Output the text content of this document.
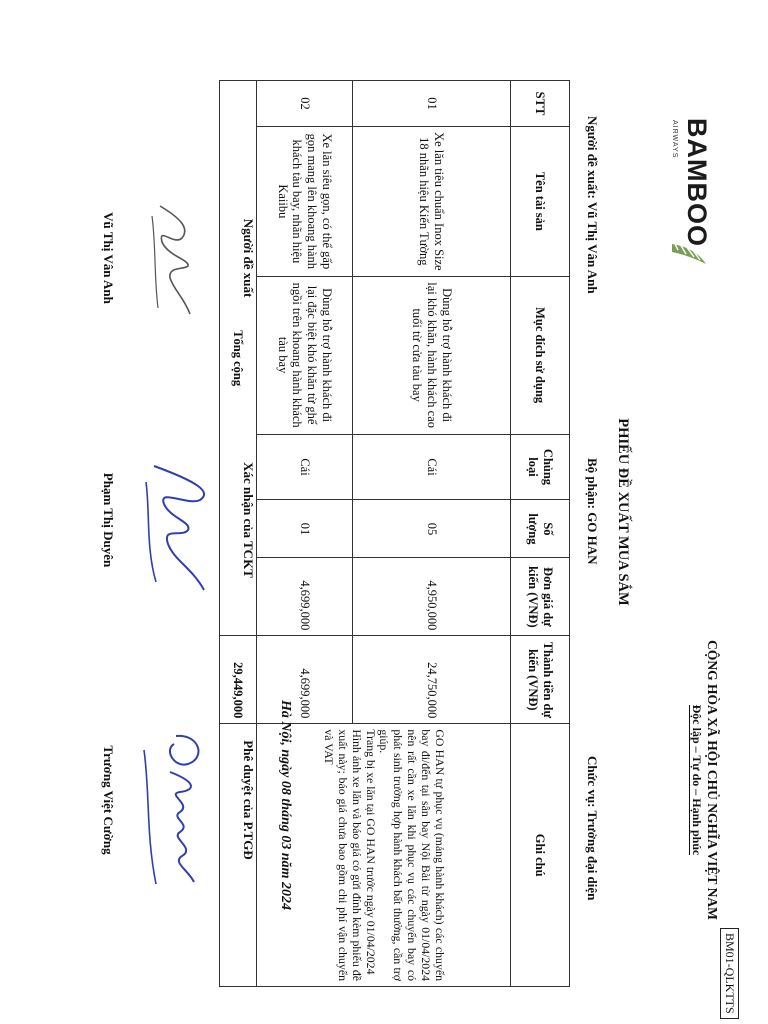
BM01-QLKTTS
CỘNG HÒA XÃ HỘI CHỦ NGHĨA VIỆT NAM
Độc lập – Tự do – Hạnh phúc
BAMBOO
AIRWAYS
PHIẾU ĐỀ XUẤT MUA SẮM
Người đề xuất: Vũ Thị Vân Anh
Bộ phận: GO HAN
Chức vụ: Trưởng đại diện
STT	Tên tài sản	Mục đích sử dụng	Chủng loại	Số lượng	Đơn giá dự kiến (VNĐ)	Thành tiền dự kiến (VNĐ)	Ghi chú
01	Xe lăn tiêu chuẩn Inox Size 18 nhãn hiệu Kiến Tường	Dùng hỗ trợ hành khách đi lại khó khăn, hành khách cao tuổi từ cửa tàu bay	Cái	05	4,950,000	24,750,000	GO HAN tự phục vụ (mảng hành khách) các chuyến bay đi/đến tại sân bay Nội Bài từ ngày 01/04/2024 nên rất cần xe lăn khi phục vụ các chuyến bay có phát sinh trường hợp hành khách bất thường, cần trợ giúp.
Trang bị xe lăn tại GO HAN trước ngày 01/04/2024
Hình ảnh xe lăn và báo giá có gửi đính kèm phiếu đề xuất này; báo giá chưa bao gồm chi phí vận chuyển và VAT

02	Xe lăn siêu gọn, có thể gấp gọn mang lên khoang hành khách tàu bay, nhãn hiệu Kaiibu	Dùng hỗ trợ hành khách đi lại đặc biệt khó khăn từ ghế ngồi trên khoang hành khách tàu bay	Cái	01	4,699,000	4,699,000	
Tổng cộng						29,449,000	
Hà Nội, ngày 08 tháng 03 năm 2024
Người đề xuất
Xác nhận của TCKT
Phê duyệt của P.TGĐ
Vũ Thị Vân Anh
Phạm Thị Duyên
Trương Việt Cường
